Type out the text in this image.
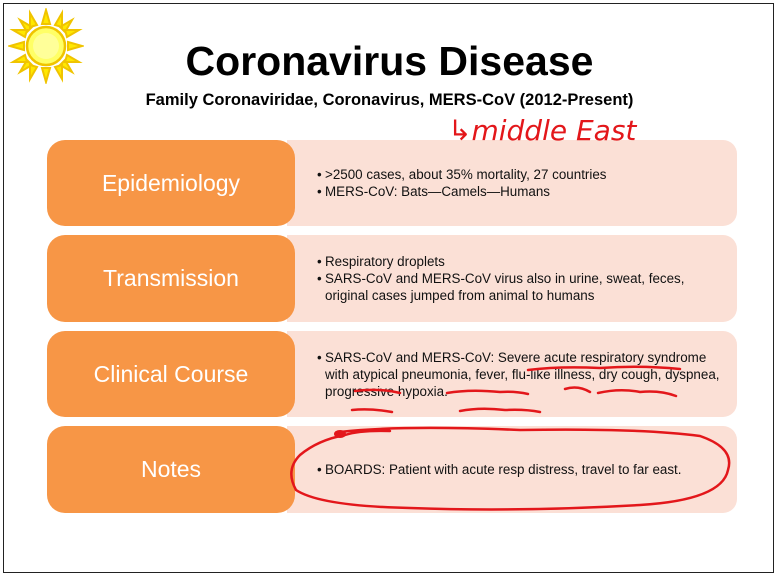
Coronavirus Disease
Family Coronaviridae, Coronavirus, MERS-CoV (2012-Present)
Epidemiology	• >2500 cases, about 35% mortality, 27 countries
• MERS-CoV: Bats—Camels—Humans
Transmission
• Respiratory droplets
• SARS-CoV and MERS-CoV virus also in urine, sweat, feces, original cases jumped from animal to humans
Clinical Course
• SARS-CoV and MERS-CoV: Severe acute respiratory syndrome with atypical pneumonia, fever, flu-like illness, dry cough, dyspnea, progressive hypoxia.
Notes	• BOARDS: Patient with acute resp distress, travel to far east.
↳middle East
